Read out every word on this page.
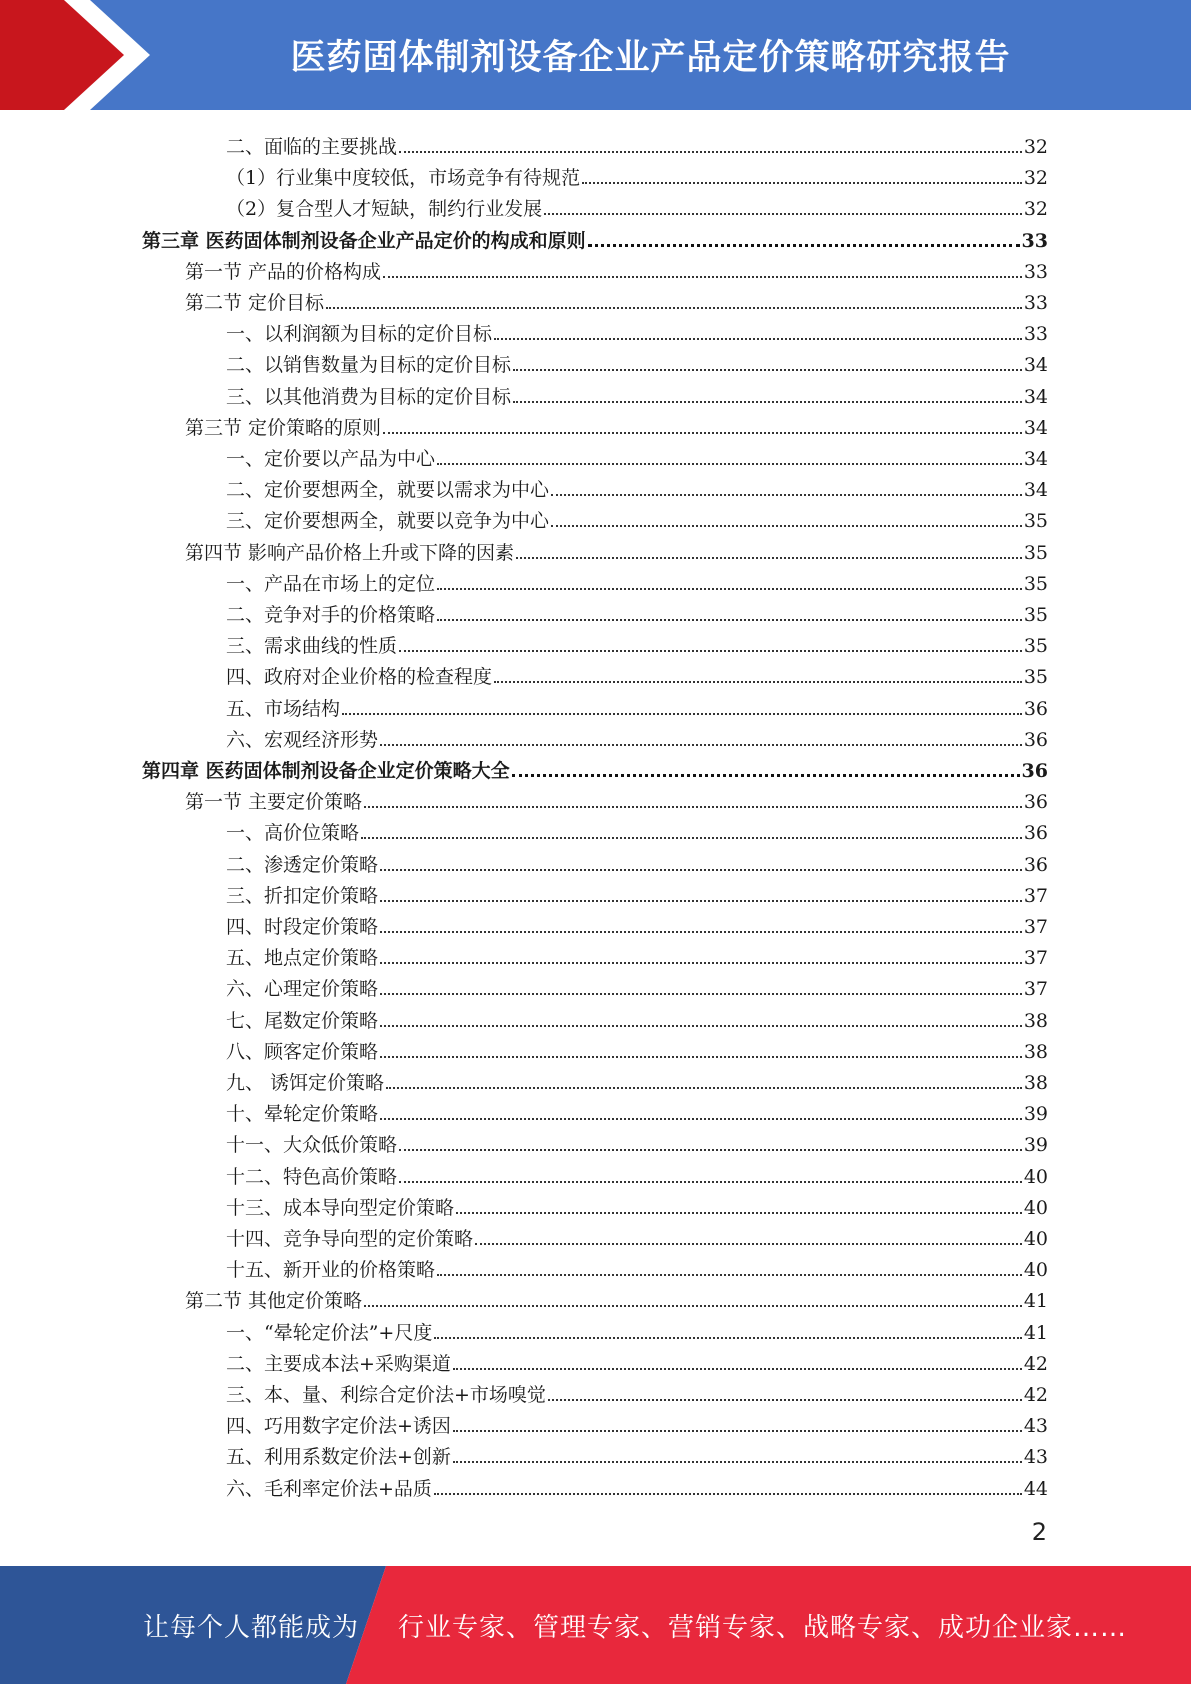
医药固体制剂设备企业产品定价策略研究报告
二、面临的主要挑战	32
（1）行业集中度较低，市场竞争有待规范	32
（2）复合型人才短缺，制约行业发展	32
第三章 医药固体制剂设备企业产品定价的构成和原则	33
第一节 产品的价格构成	33
第二节 定价目标	33
一、以利润额为目标的定价目标	33
二、以销售数量为目标的定价目标	34
三、以其他消费为目标的定价目标	34
第三节 定价策略的原则	34
一、定价要以产品为中心	34
二、定价要想两全，就要以需求为中心	34
三、定价要想两全，就要以竞争为中心	35
第四节 影响产品价格上升或下降的因素	35
一、产品在市场上的定位	35
二、竞争对手的价格策略	35
三、需求曲线的性质	35
四、政府对企业价格的检查程度	35
五、市场结构	36
六、宏观经济形势	36
第四章 医药固体制剂设备企业定价策略大全	36
第一节 主要定价策略	36
一、高价位策略	36
二、渗透定价策略	36
三、折扣定价策略	37
四、时段定价策略	37
五、地点定价策略	37
六、心理定价策略	37
七、尾数定价策略	38
八、顾客定价策略	38
九、 诱饵定价策略	38
十、晕轮定价策略	39
十一、大众低价策略	39
十二、特色高价策略	40
十三、成本导向型定价策略	40
十四、竞争导向型的定价策略	40
十五、新开业的价格策略	40
第二节 其他定价策略	41
一、“晕轮定价法”+尺度	41
二、主要成本法+采购渠道	42
三、本、量、利综合定价法+市场嗅觉	42
四、巧用数字定价法+诱因	43
五、利用系数定价法+创新	43
六、毛利率定价法+品质	44
2
让每个人都能成为 行业专家、管理专家、营销专家、战略专家、成功企业家……
